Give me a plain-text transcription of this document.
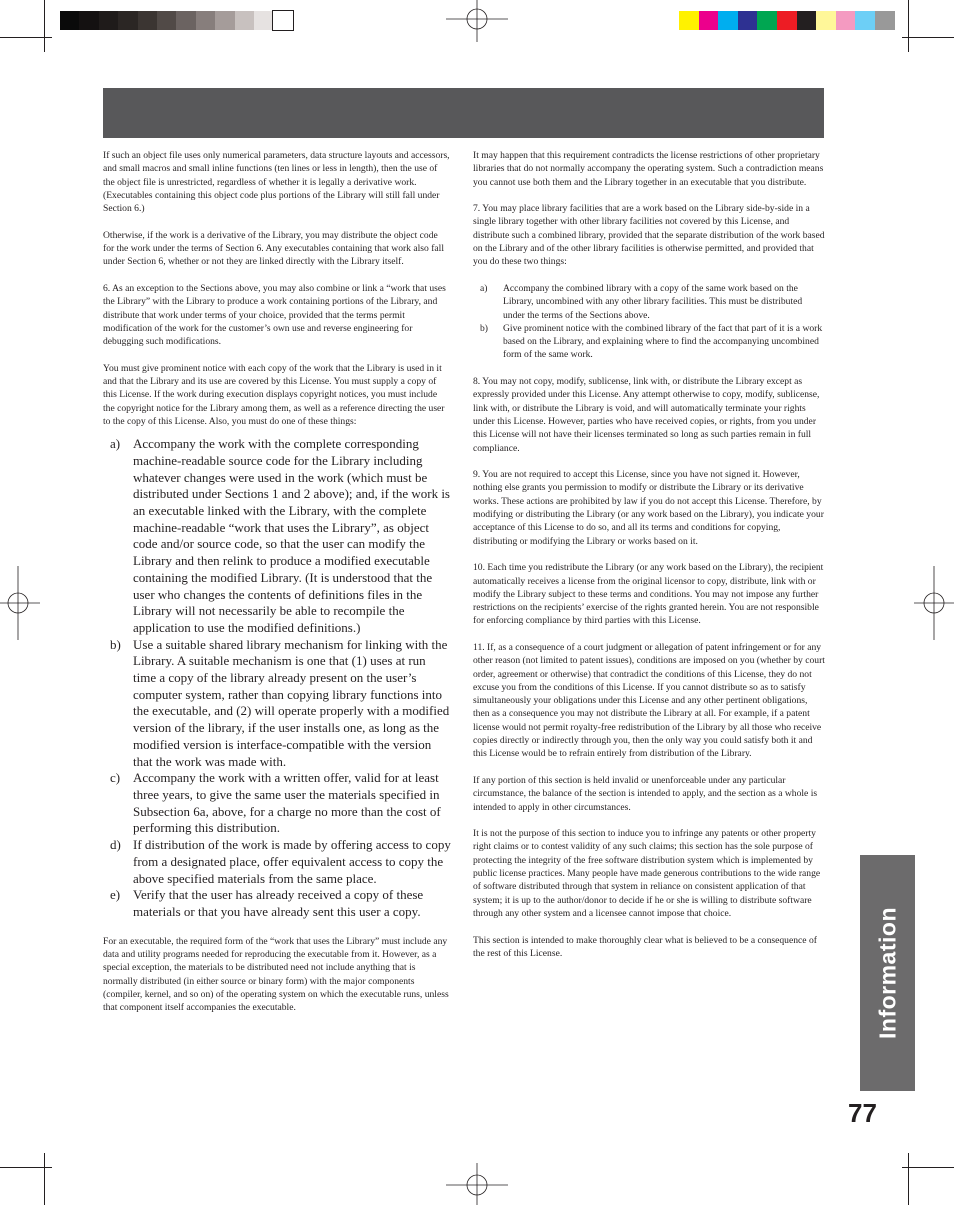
If such an object file uses only numerical parameters, data structure layouts and accessors, and small macros and small inline functions (ten lines or less in length), then the use of the object file is unrestricted, regardless of whether it is legally a derivative work. (Executables containing this object code plus portions of the Library will still fall under Section 6.)

Otherwise, if the work is a derivative of the Library, you may distribute the object code for the work under the terms of Section 6. Any executables containing that work also fall under Section 6, whether or not they are linked directly with the Library itself.

6. As an exception to the Sections above, you may also combine or link a “work that uses the Library” with the Library to produce a work containing portions of the Library, and distribute that work under terms of your choice, provided that the terms permit modification of the work for the customer’s own use and reverse engineering for debugging such modifications.

You must give prominent notice with each copy of the work that the Library is used in it and that the Library and its use are covered by this License. You must supply a copy of this License. If the work during execution displays copyright notices, you must include the copyright notice for the Library among them, as well as a reference directing the user to the copy of this License. Also, you must do one of these things:

a) Accompany the work with the complete corresponding machine-readable source code for the Library including whatever changes were used in the work (which must be distributed under Sections 1 and 2 above); and, if the work is an executable linked with the Library, with the complete machine-readable “work that uses the Library”, as object code and/or source code, so that the user can modify the Library and then relink to produce a modified executable containing the modified Library. (It is understood that the user who changes the contents of definitions files in the Library will not necessarily be able to recompile the application to use the modified definitions.)
b) Use a suitable shared library mechanism for linking with the Library. A suitable mechanism is one that (1) uses at run time a copy of the library already present on the user’s computer system, rather than copying library functions into the executable, and (2) will operate properly with a modified version of the library, if the user installs one, as long as the modified version is interface-compatible with the version that the work was made with.
c) Accompany the work with a written offer, valid for at least three years, to give the same user the materials specified in Subsection 6a, above, for a charge no more than the cost of performing this distribution.
d) If distribution of the work is made by offering access to copy from a designated place, offer equivalent access to copy the above specified materials from the same place.
e) Verify that the user has already received a copy of these materials or that you have already sent this user a copy.

For an executable, the required form of the “work that uses the Library” must include any data and utility programs needed for reproducing the executable from it. However, as a special exception, the materials to be distributed need not include anything that is normally distributed (in either source or binary form) with the major components (compiler, kernel, and so on) of the operating system on which the executable runs, unless that component itself accompanies the executable.

It may happen that this requirement contradicts the license restrictions of other proprietary libraries that do not normally accompany the operating system. Such a contradiction means you cannot use both them and the Library together in an executable that you distribute.

7. You may place library facilities that are a work based on the Library side-by-side in a single library together with other library facilities not covered by this License, and distribute such a combined library, provided that the separate distribution of the work based on the Library and of the other library facilities is otherwise permitted, and provided that you do these two things:

a) Accompany the combined library with a copy of the same work based on the Library, uncombined with any other library facilities. This must be distributed under the terms of the Sections above.
b) Give prominent notice with the combined library of the fact that part of it is a work based on the Library, and explaining where to find the accompanying uncombined form of the same work.

8. You may not copy, modify, sublicense, link with, or distribute the Library except as expressly provided under this License. Any attempt otherwise to copy, modify, sublicense, link with, or distribute the Library is void, and will automatically terminate your rights under this License. However, parties who have received copies, or rights, from you under this License will not have their licenses terminated so long as such parties remain in full compliance.

9. You are not required to accept this License, since you have not signed it. However, nothing else grants you permission to modify or distribute the Library or its derivative works. These actions are prohibited by law if you do not accept this License. Therefore, by modifying or distributing the Library (or any work based on the Library), you indicate your acceptance of this License to do so, and all its terms and conditions for copying, distributing or modifying the Library or works based on it.

10. Each time you redistribute the Library (or any work based on the Library), the recipient automatically receives a license from the original licensor to copy, distribute, link with or modify the Library subject to these terms and conditions. You may not impose any further restrictions on the recipients’ exercise of the rights granted herein. You are not responsible for enforcing compliance by third parties with this License.

11. If, as a consequence of a court judgment or allegation of patent infringement or for any other reason (not limited to patent issues), conditions are imposed on you (whether by court order, agreement or otherwise) that contradict the conditions of this License, they do not excuse you from the conditions of this License. If you cannot distribute so as to satisfy simultaneously your obligations under this License and any other pertinent obligations, then as a consequence you may not distribute the Library at all. For example, if a patent license would not permit royalty-free redistribution of the Library by all those who receive copies directly or indirectly through you, then the only way you could satisfy both it and this License would be to refrain entirely from distribution of the Library.

If any portion of this section is held invalid or unenforceable under any particular circumstance, the balance of the section is intended to apply, and the section as a whole is intended to apply in other circumstances.

It is not the purpose of this section to induce you to infringe any patents or other property right claims or to contest validity of any such claims; this section has the sole purpose of protecting the integrity of the free software distribution system which is implemented by public license practices. Many people have made generous contributions to the wide range of software distributed through that system in reliance on consistent application of that system; it is up to the author/donor to decide if he or she is willing to distribute software through any other system and a licensee cannot impose that choice.

This section is intended to make thoroughly clear what is believed to be a consequence of the rest of this License.	Information
77
